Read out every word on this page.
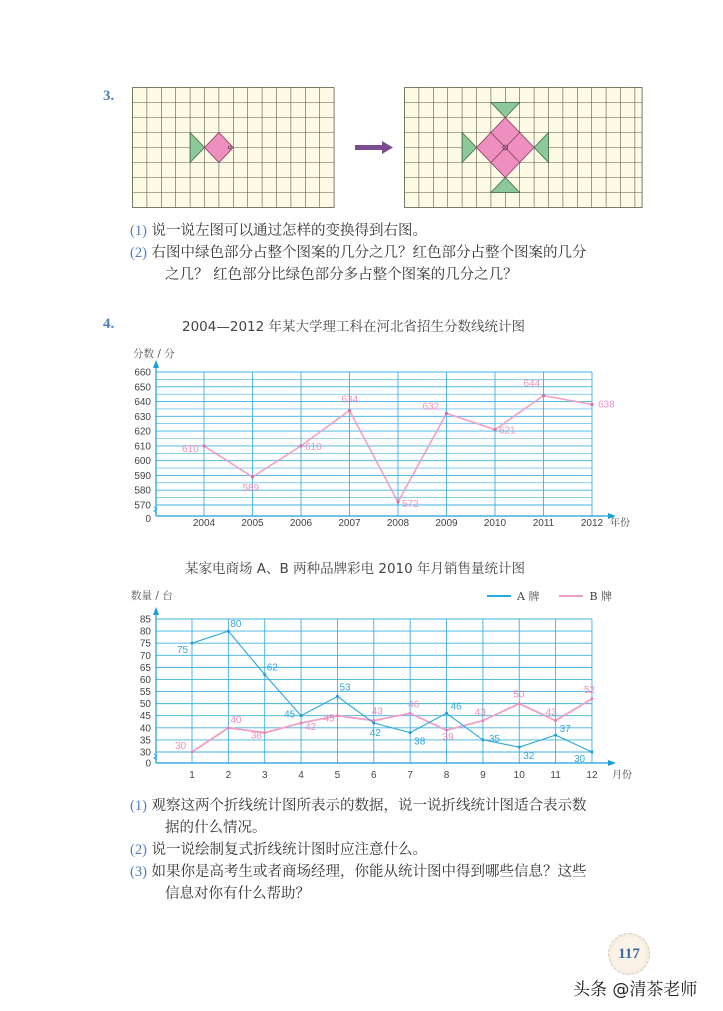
3.
(1) 说一说左图可以通过怎样的变换得到右图。
(2) 右图中绿色部分占整个图案的几分之几？红色部分占整个图案的几分
之几？ 红色部分比绿色部分多占整个图案的几分之几？
4.	2004—2012 年某大学理工科在河北省招生分数线统计图
分数 / 分
0
570
580
590
600
610
620
630
640
650
660
2004	2005	2006	2007	2008	2009	2010	2011	2012 年份
610
589
610
634
572
632
621
644
638
某家电商场 A、B 两种品牌彩电 2010 年月销售量统计图
数量 / 台	A 牌	B 牌
0
30
35
40
45
50
55
60
65
70
75
80
85
1	2	3	4	5	6	7	8	9	10	11	12 月份
30
40
38
42
45
43
46
39
43
50
43
52
75
80
62
45
53
42
38
46
35
32
37
30
(1) 观察这两个折线统计图所表示的数据，说一说折线统计图适合表示数
据的什么情况。
(2) 说一说绘制复式折线统计图时应注意什么。
(3) 如果你是高考生或者商场经理，你能从统计图中得到哪些信息？这些
信息对你有什么帮助？
117
头条 @清茶老师
